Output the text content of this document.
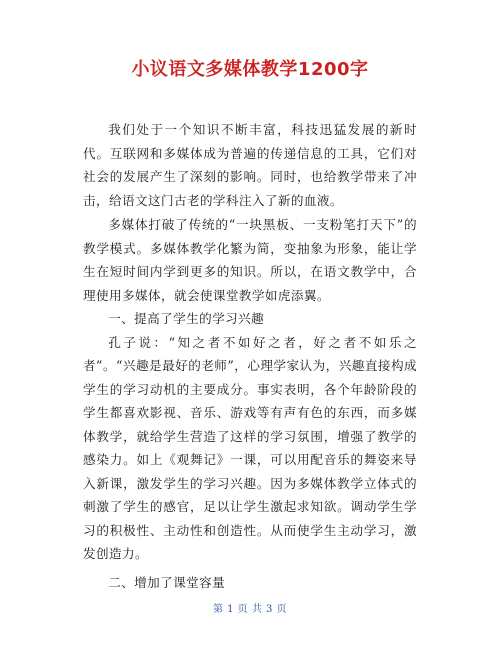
小议语文多媒体教学1200字

我们处于一个知识不断丰富，科技迅猛发展的新时代。互联网和多媒体成为普遍的传递信息的工具，它们对社会的发展产生了深刻的影响。同时，也给教学带来了冲击，给语文这门古老的学科注入了新的血液。

多媒体打破了传统的“一块黑板、一支粉笔打天下”的教学模式。多媒体教学化繁为简，变抽象为形象，能让学生在短时间内学到更多的知识。所以，在语文教学中，合理使用多媒体，就会使课堂教学如虎添翼。

一、提高了学生的学习兴趣

孔子说：“知之者不如好之者，好之者不如乐之者”。“兴趣是最好的老师”，心理学家认为，兴趣直接构成学生的学习动机的主要成分。事实表明，各个年龄阶段的学生都喜欢影视、音乐、游戏等有声有色的东西，而多媒体教学，就给学生营造了这样的学习氛围，增强了教学的感染力。如上《观舞记》一课，可以用配音乐的舞姿来导入新课，激发学生的学习兴趣。因为多媒体教学立体式的刺激了学生的感官，足以让学生激起求知欲。调动学生学习的积极性、主动性和创造性。从而使学生主动学习，激发创造力。

二、增加了课堂容量

第 1 页 共 3 页
